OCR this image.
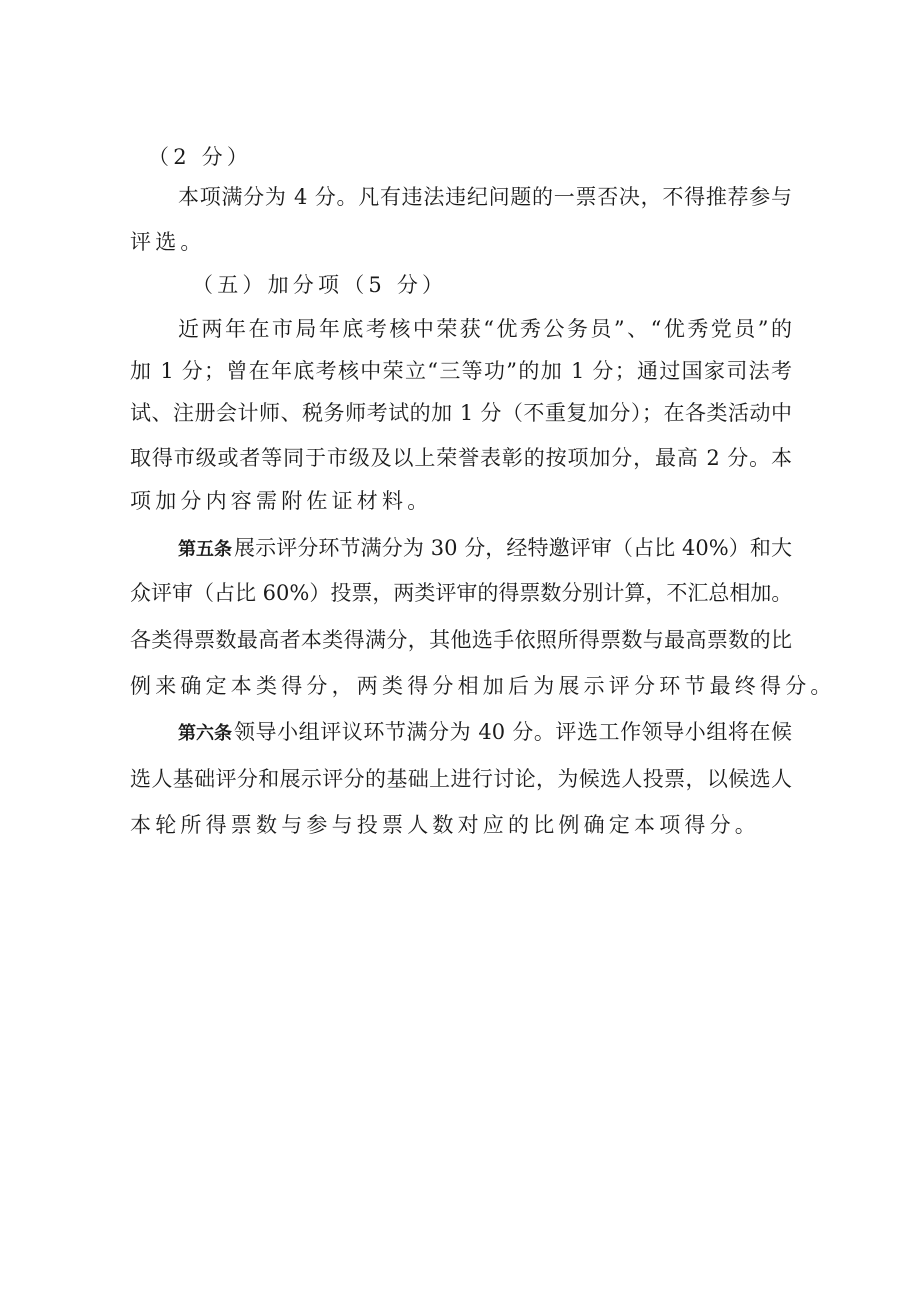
（2 分）
本项满分为 4 分。凡有违法违纪问题的一票否决，不得推荐参与
评选。
（五）加分项（5 分）
近两年在市局年底考核中荣获“优秀公务员”、“优秀党员”的
加 1 分；曾在年底考核中荣立“三等功”的加 1 分；通过国家司法考
试、注册会计师、税务师考试的加 1 分（不重复加分）；在各类活动中
取得市级或者等同于市级及以上荣誉表彰的按项加分，最高 2 分。本
项加分内容需附佐证材料。
第五条 展示评分环节满分为 30 分，经特邀评审（占比 40%）和大
众评审（占比 60%）投票，两类评审的得票数分别计算，不汇总相加。
各类得票数最高者本类得满分，其他选手依照所得票数与最高票数的比
例来确定本类得分，两类得分相加后为展示评分环节最终得分。
第六条 领导小组评议环节满分为 40 分。评选工作领导小组将在候
选人基础评分和展示评分的基础上进行讨论，为候选人投票，以候选人
本轮所得票数与参与投票人数对应的比例确定本项得分。
